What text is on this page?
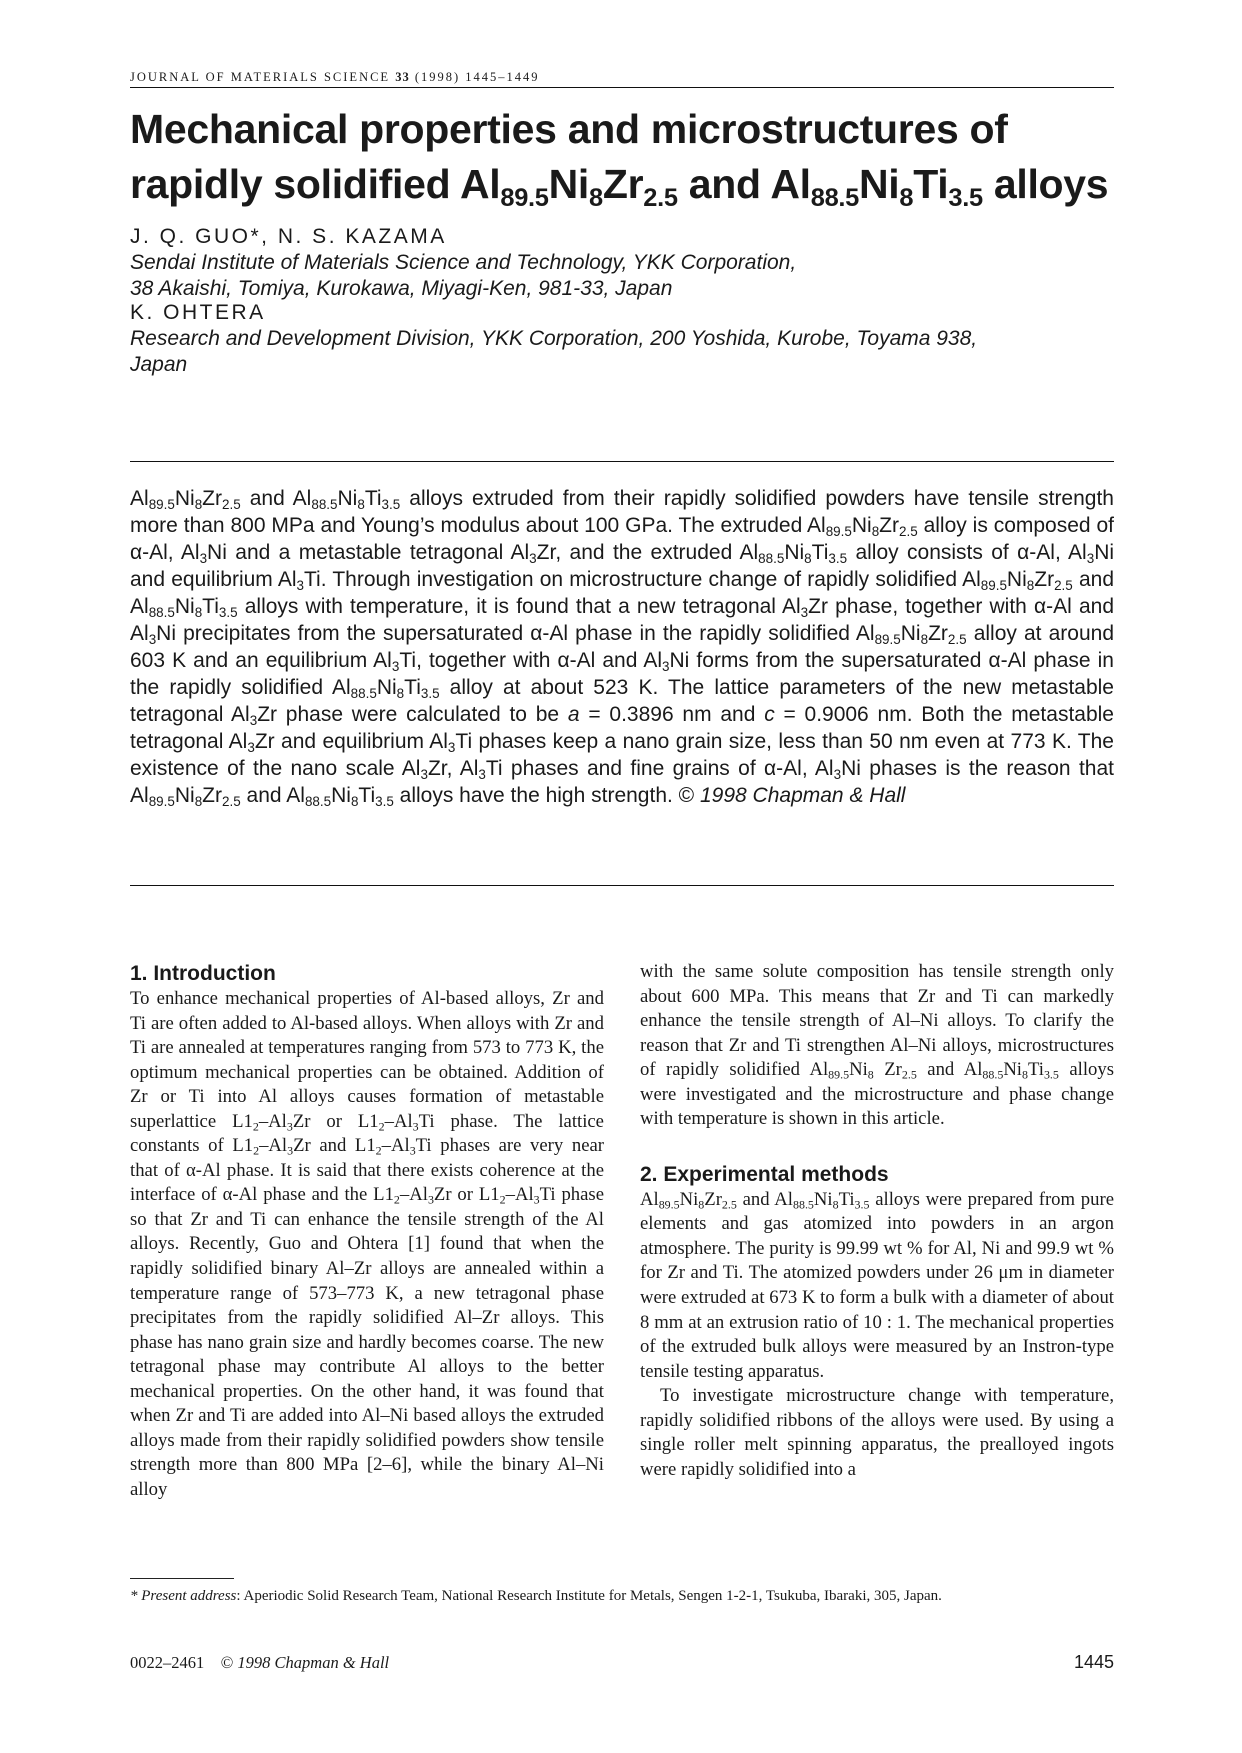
JOURNAL OF MATERIALS SCIENCE 33 (1998) 1445–1449
Mechanical properties and microstructures of
rapidly solidified $Al_{89.5}Ni_8Zr_{2.5}$ and $Al_{88.5}Ni_8Ti_{3.5}$ alloys
J. Q. GUO*, N. S. KAZAMA
Sendai Institute of Materials Science and Technology, YKK Corporation,
38 Akaishi, Tomiya, Kurokawa, Miyagi-Ken, 981-33, Japan
K. OHTERA
Research and Development Division, YKK Corporation, 200 Yoshida, Kurobe, Toyama 938,
Japan

$Al_{89.5}Ni_8Zr_{2.5}$ and $Al_{88.5}Ni_8Ti_{3.5}$ alloys extruded from their rapidly solidified powders have tensile strength more than 800 MPa and Young’s modulus about 100 GPa. The extruded $Al_{89.5}Ni_8Zr_{2.5}$ alloy is composed of α-Al, $Al_3Ni$ and a metastable tetragonal $Al_3Zr$, and the extruded $Al_{88.5}Ni_8Ti_{3.5}$ alloy consists of α-Al, $Al_3Ni$ and equilibrium $Al_3Ti$. Through investigation on microstructure change of rapidly solidified $Al_{89.5}Ni_8Zr_{2.5}$ and $Al_{88.5}Ni_8Ti_{3.5}$ alloys with temperature, it is found that a new tetragonal $Al_3Zr$ phase, together with α-Al and $Al_3Ni$ precipitates from the supersaturated α-Al phase in the rapidly solidified $Al_{89.5}Ni_8Zr_{2.5}$ alloy at around 603 K and an equilibrium $Al_3Ti$, together with α-Al and $Al_3Ni$ forms from the supersaturated α-Al phase in the rapidly solidified $Al_{88.5}Ni_8Ti_{3.5}$ alloy at about 523 K. The lattice parameters of the new metastable tetragonal $Al_3Zr$ phase were calculated to be a = 0.3896 nm and c = 0.9006 nm. Both the metastable tetragonal $Al_3Zr$ and equilibrium $Al_3Ti$ phases keep a nano grain size, less than 50 nm even at 773 K. The existence of the nano scale $Al_3Zr$, $Al_3Ti$ phases and fine grains of α-Al, $Al_3Ni$ phases is the reason that $Al_{89.5}Ni_8Zr_{2.5}$ and $Al_{88.5}Ni_8Ti_{3.5}$ alloys have the high strength. © 1998 Chapman & Hall

1. Introduction

To enhance mechanical properties of Al-based alloys, Zr and Ti are often added to Al-based alloys. When alloys with Zr and Ti are annealed at temperatures ranging from 573 to 773 K, the optimum mechanical properties can be obtained. Addition of Zr or Ti into Al alloys causes formation of metastable superlattice $L1_2-Al_3Zr$ or $L1_2-Al_3Ti$ phase. The lattice constants of $L1_2-Al_3Zr$ and $L1_2-Al_3Ti$ phases are very near that of α-Al phase. It is said that there exists coherence at the interface of α-Al phase and the $L1_2-Al_3Zr$ or $L1_2-Al_3Ti$ phase so that Zr and Ti can enhance the tensile strength of the Al alloys. Recently, Guo and Ohtera [1] found that when the rapidly solidified binary Al–Zr alloys are annealed within a temperature range of 573–773 K, a new tetragonal phase precipitates from the rapidly solidified Al–Zr alloys. This phase has nano grain size and hardly becomes coarse. The new tetragonal phase may contribute Al alloys to the better mechanical properties. On the other hand, it was found that when Zr and Ti are added into Al–Ni based alloys the extruded alloys made from their rapidly solidified powders show tensile strength more than 800 MPa [2–6], while the binary Al–Ni alloy

with the same solute composition has tensile strength only about 600 MPa. This means that Zr and Ti can markedly enhance the tensile strength of Al–Ni alloys. To clarify the reason that Zr and Ti strengthen Al–Ni alloys, microstructures of rapidly solidified $Al_{89.5}Ni_8$ $Zr_{2.5}$ and $Al_{88.5}Ni_8Ti_{3.5}$ alloys were investigated and the microstructure and phase change with temperature is shown in this article.

2. Experimental methods

$Al_{89.5}Ni_8Zr_{2.5}$ and $Al_{88.5}Ni_8Ti_{3.5}$ alloys were prepared from pure elements and gas atomized into powders in an argon atmosphere. The purity is 99.99 wt % for Al, Ni and 99.9 wt % for Zr and Ti. The atomized powders under 26 μm in diameter were extruded at 673 K to form a bulk with a diameter of about 8 mm at an extrusion ratio of 10 : 1. The mechanical properties of the extruded bulk alloys were measured by an Instron-type tensile testing apparatus.

To investigate microstructure change with temperature, rapidly solidified ribbons of the alloys were used. By using a single roller melt spinning apparatus, the prealloyed ingots were rapidly solidified into a

* Present address: Aperiodic Solid Research Team, National Research Institute for Metals, Sengen 1-2-1, Tsukuba, Ibaraki, 305, Japan.
0022–2461 © 1998 Chapman & Hall	1445
